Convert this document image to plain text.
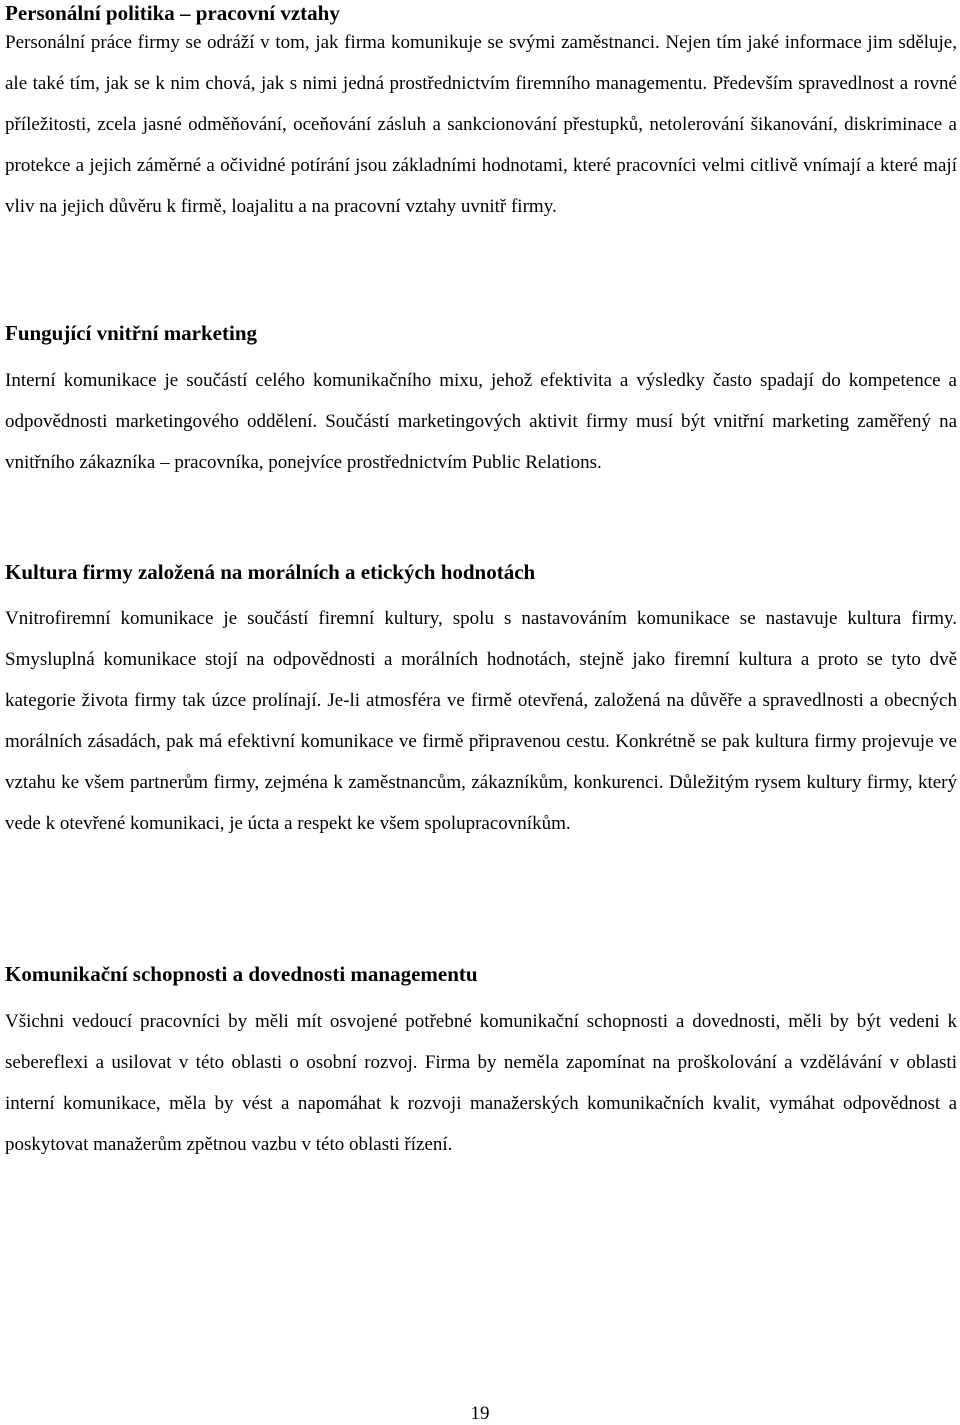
Personální politika – pracovní vztahy

Personální práce firmy se odráží v tom, jak firma komunikuje se svými zaměstnanci. Nejen tím jaké informace jim sděluje, ale také tím, jak se k nim chová, jak s nimi jedná prostřednictvím firemního managementu. Především spravedlnost a rovné příležitosti, zcela jasné odměňování, oceňování zásluh a sankcionování přestupků, netolerování šikanování, diskriminace a protekce a jejich záměrné a očividné potírání jsou základními hodnotami, které pracovníci velmi citlivě vnímají a které mají vliv na jejich důvěru k firmě, loajalitu a na pracovní vztahy uvnitř firmy.

Fungující vnitřní marketing

Interní komunikace je součástí celého komunikačního mixu, jehož efektivita a výsledky často spadají do kompetence a odpovědnosti marketingového oddělení. Součástí marketingových aktivit firmy musí být vnitřní marketing zaměřený na vnitřního zákazníka – pracovníka, ponejvíce prostřednictvím Public Relations.

Kultura firmy založená na morálních a etických hodnotách

Vnitrofiremní komunikace je součástí firemní kultury, spolu s nastavováním komunikace se nastavuje kultura firmy. Smysluplná komunikace stojí na odpovědnosti a morálních hodnotách, stejně jako firemní kultura a proto se tyto dvě kategorie života firmy tak úzce prolínají. Je-li atmosféra ve firmě otevřená, založená na důvěře a spravedlnosti a obecných morálních zásadách, pak má efektivní komunikace ve firmě připravenou cestu. Konkrétně se pak kultura firmy projevuje ve vztahu ke všem partnerům firmy, zejména k zaměstnancům, zákazníkům, konkurenci. Důležitým rysem kultury firmy, který vede k otevřené komunikaci, je úcta a respekt ke všem spolupracovníkům.

Komunikační schopnosti a dovednosti managementu

Všichni vedoucí pracovníci by měli mít osvojené potřebné komunikační schopnosti a dovednosti, měli by být vedeni k sebereflexi a usilovat v této oblasti o osobní rozvoj. Firma by neměla zapomínat na proškolování a vzdělávání v oblasti interní komunikace, měla by vést a napomáhat k rozvoji manažerských komunikačních kvalit, vymáhat odpovědnost a poskytovat manažerům zpětnou vazbu v této oblasti řízení.

19
